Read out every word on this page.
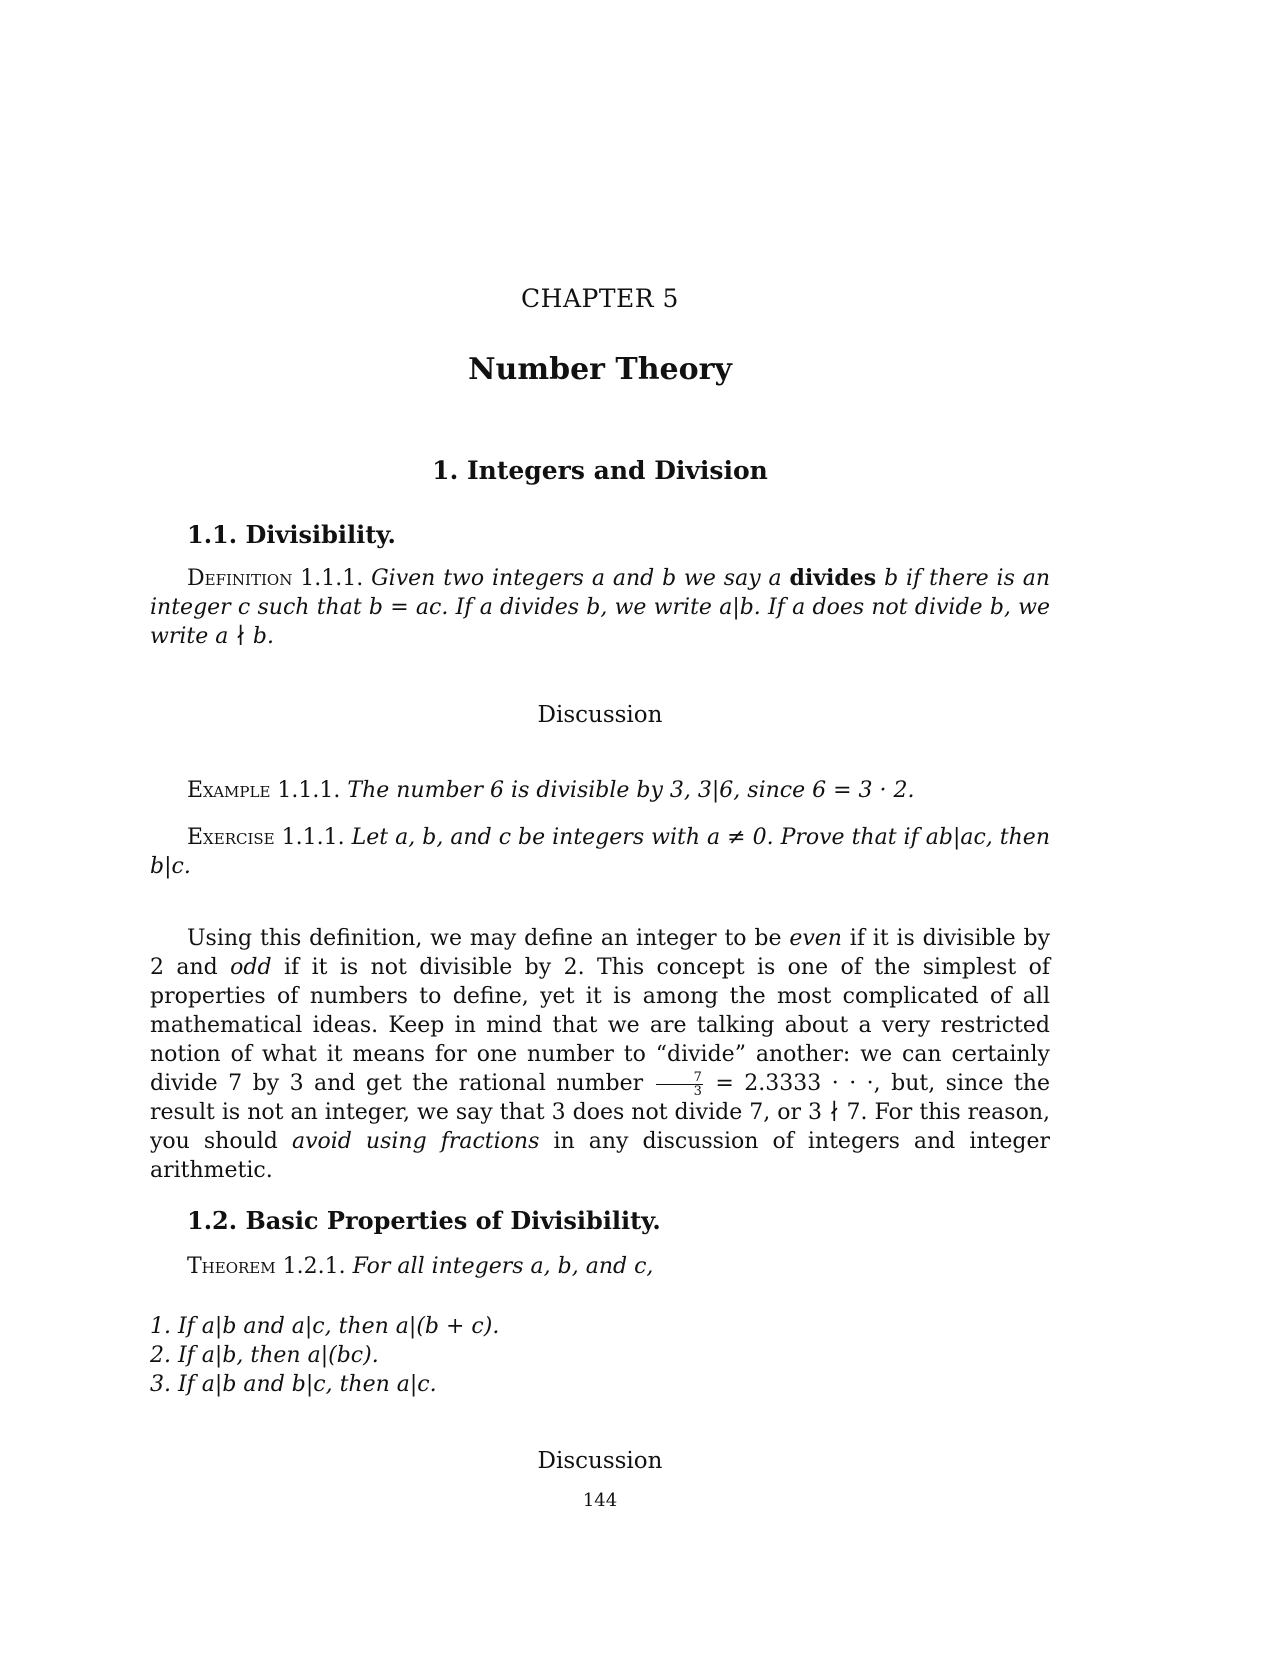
CHAPTER 5
Number Theory
1. Integers and Division
1.1. Divisibility.
Definition 1.1.1. Given two integers a and b we say a divides b if there is an integer c such that b = ac. If a divides b, we write a|b. If a does not divide b, we write a ∤ b.
Discussion
Example 1.1.1. The number 6 is divisible by 3, 3|6, since 6 = 3 · 2.
Exercise 1.1.1. Let a, b, and c be integers with a ≠ 0. Prove that if ab|ac, then b|c.
Using this definition, we may define an integer to be even if it is divisible by 2 and odd if it is not divisible by 2. This concept is one of the simplest of properties of numbers to define, yet it is among the most complicated of all mathematical ideas. Keep in mind that we are talking about a very restricted notion of what it means for one number to “divide” another: we can certainly divide 7 by 3 and get the rational number $\frac{7}{3} = 2.3333$ · · ·, but, since the result is not an integer, we say that 3 does not divide 7, or 3 ∤ 7. For this reason, you should avoid using fractions in any discussion of integers and integer arithmetic.
1.2. Basic Properties of Divisibility.
Theorem 1.2.1. For all integers a, b, and c,
1. If a|b and a|c, then a|(b + c).
2. If a|b, then a|(bc).
3. If a|b and b|c, then a|c.
Discussion
144
